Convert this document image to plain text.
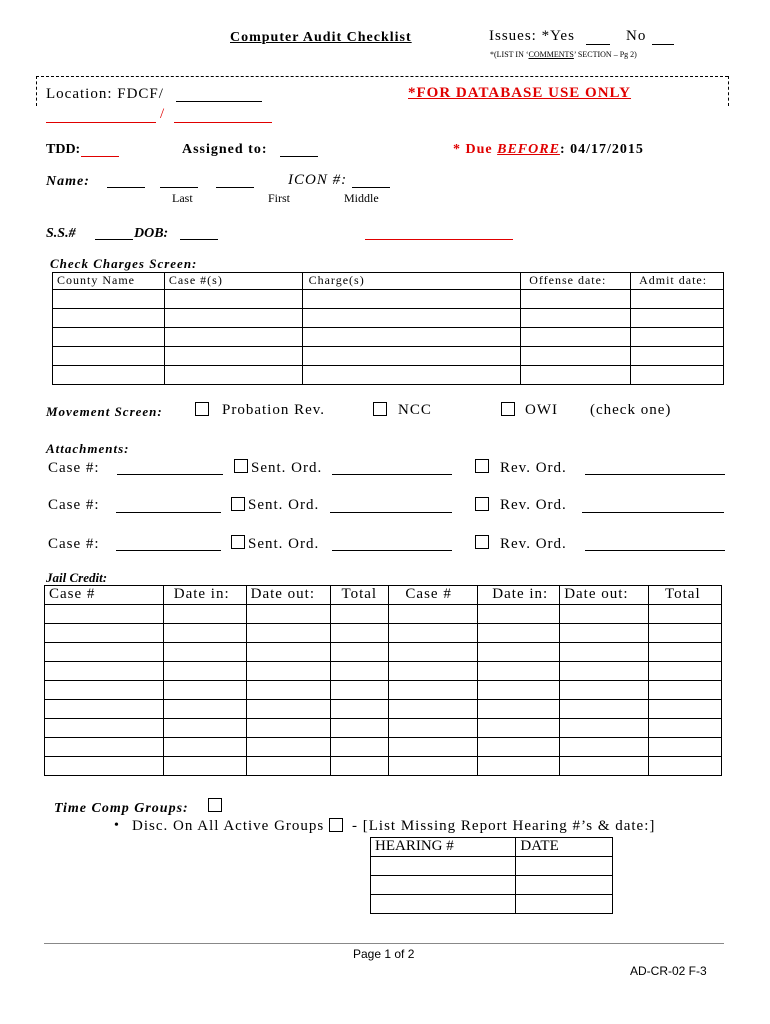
Computer Audit Checklist	Issues: *Yes	No
*(LIST IN ‘COMMENTS’ SECTION – Pg 2)
Location: FDCF/	*FOR DATABASE USE ONLY
/
TDD:	Assigned to:	* Due BEFORE: 04/17/2015
Name:	ICON #:
Last	First	Middle
S.S.#	DOB:
Check Charges Screen:
County Name	Case #(s)	Charge(s)	Offense date:	Admit date:

Movement Screen:	Probation Rev.	NCC	OWI (check one)
Attachments:
Case #:	Sent. Ord.	Rev. Ord.
Case #:	Sent. Ord.	Rev. Ord.
Case #:	Sent. Ord.	Rev. Ord.
Jail Credit:
Case #	Date in:	Date out:	Total	Case #	Date in:	Date out:	Total

Time Comp Groups:
• Disc. On All Active Groups - [List Missing Report Hearing #’s & date:]
HEARING #	DATE

Page 1 of 2
AD-CR-02 F-3
